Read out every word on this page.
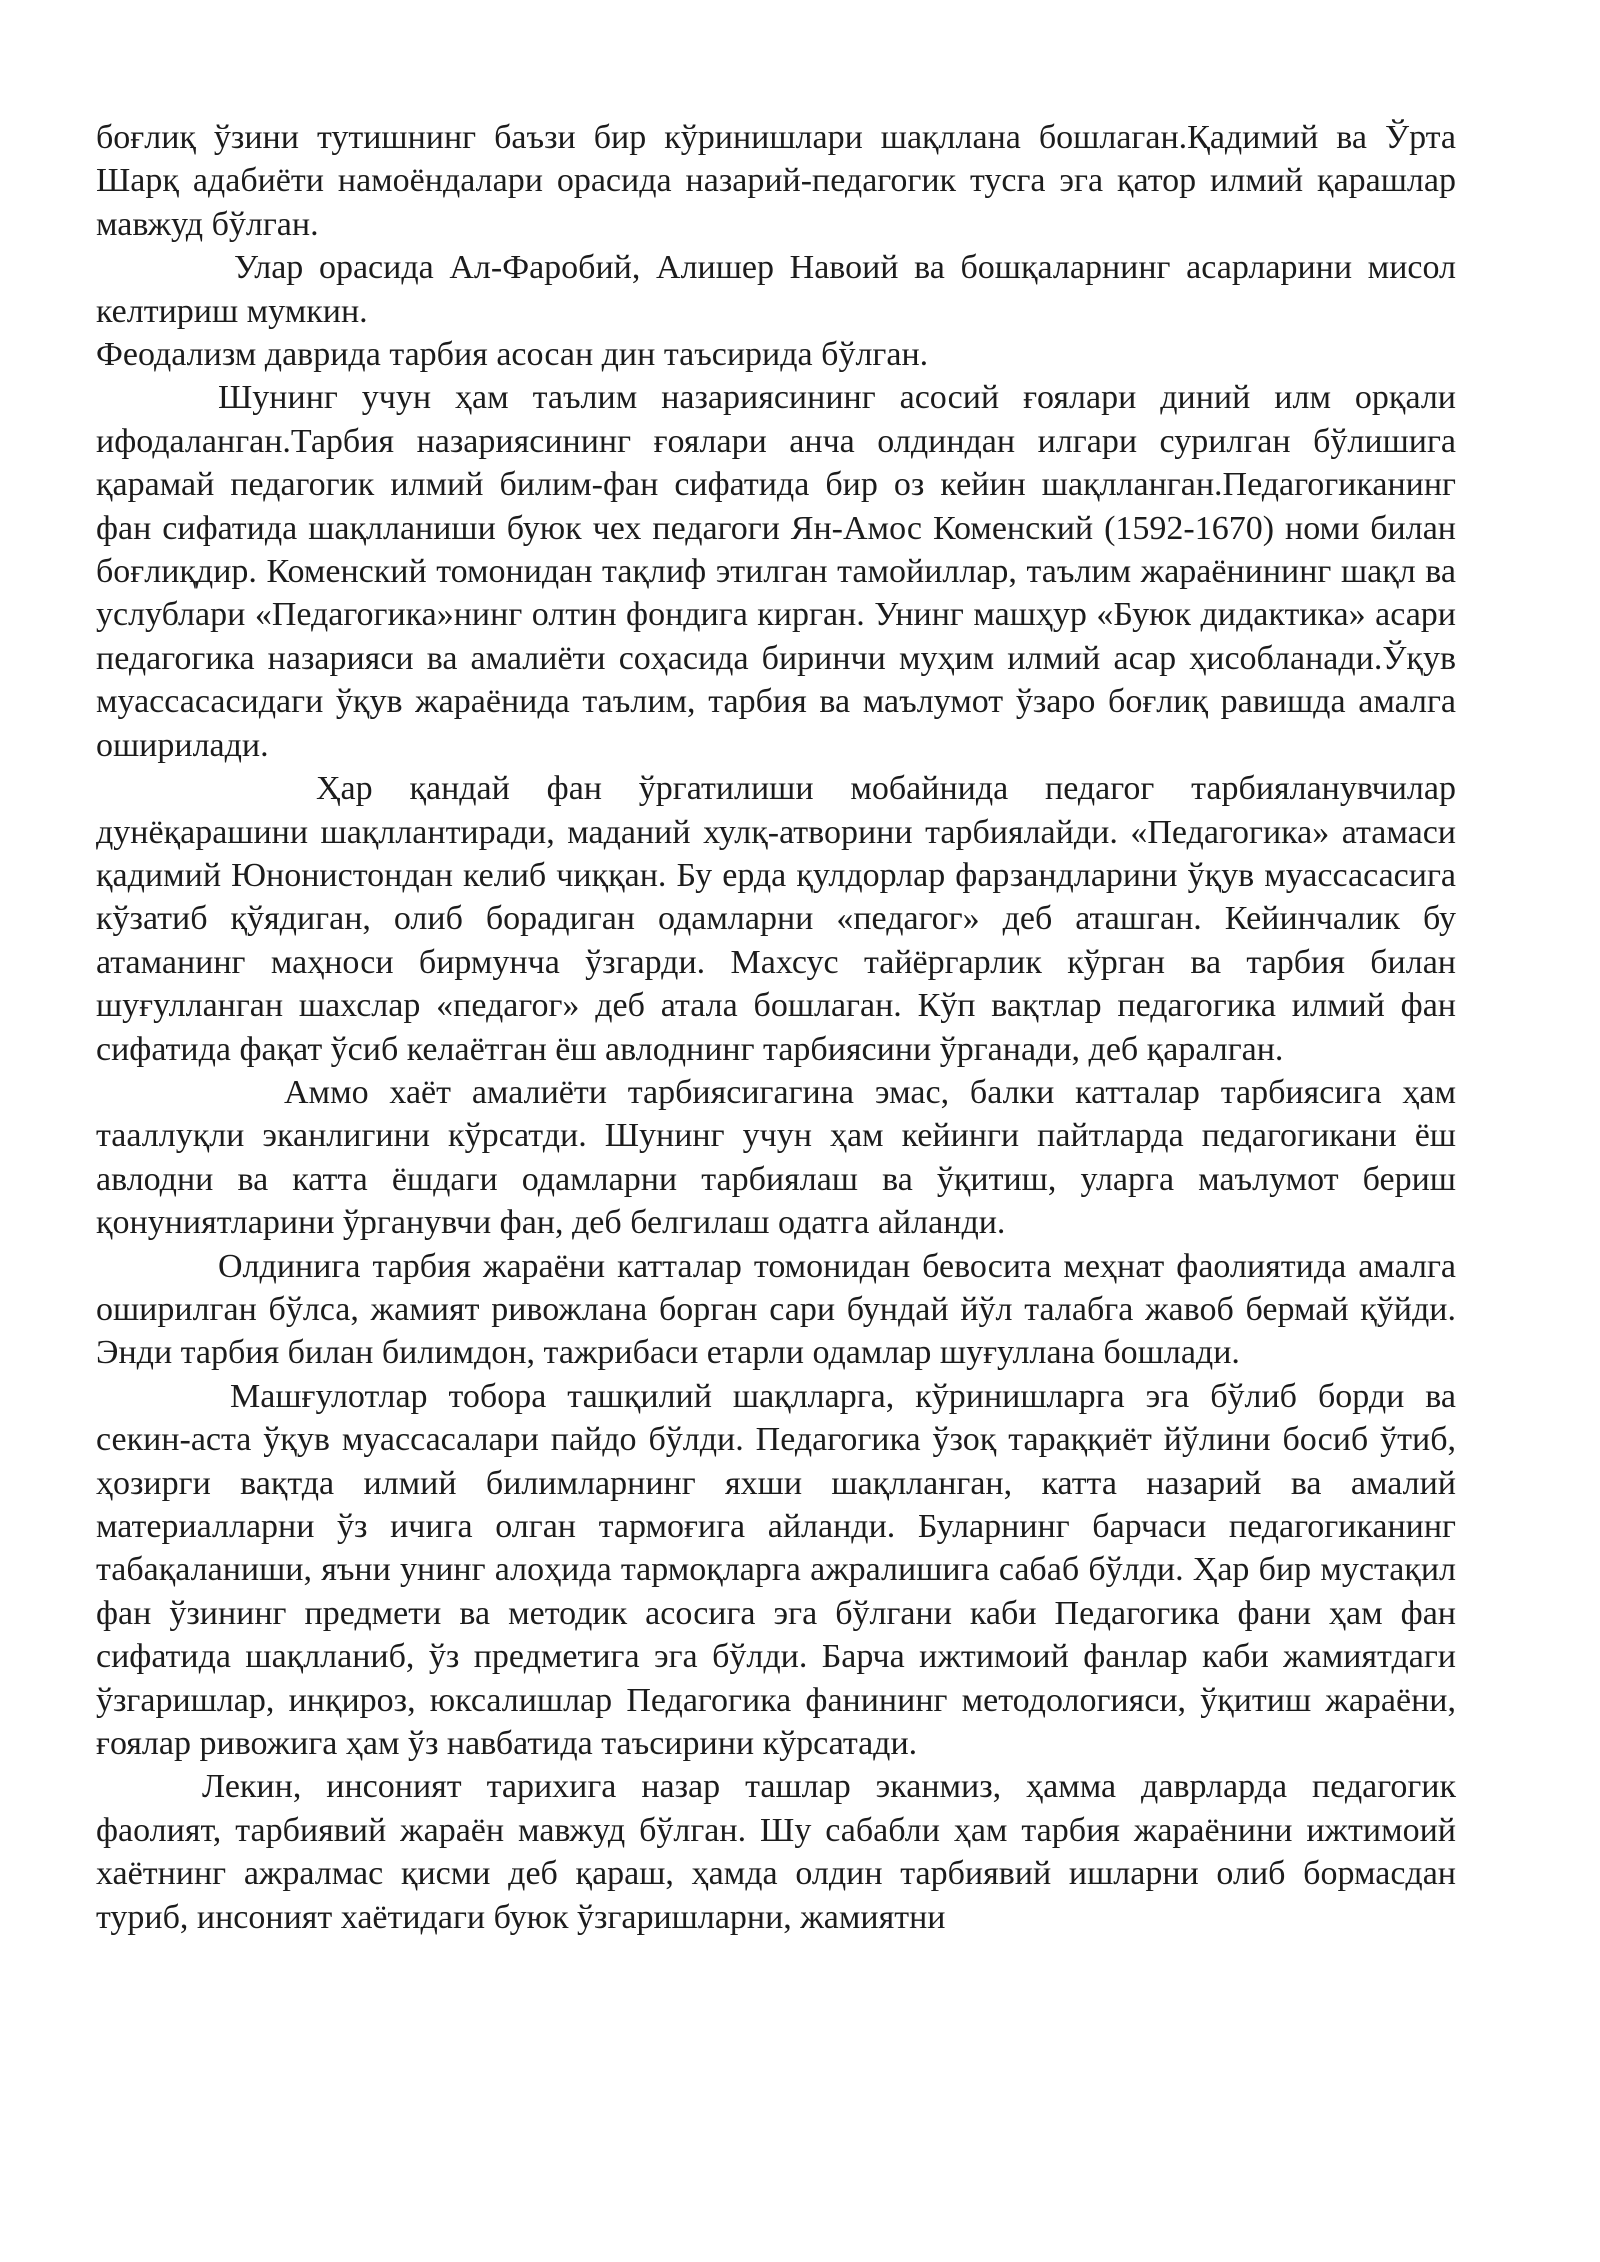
боғлиқ ўзини тутишнинг баъзи бир кўринишлари шақллана бошлаган.Қадимий ва Ўрта Шарқ адабиёти намоёндалари орасида назарий-педагогик тусга эга қатор илмий қарашлар мавжуд бўлган.

Улар орасида Ал-Фаробий, Алишер Навоий ва бошқаларнинг асарларини мисол келтириш мумкин.

Феодализм даврида тарбия асосан дин таъсирида бўлган.

Шунинг учун ҳам таълим назариясининг асосий ғоялари диний илм орқали ифодаланган.Тарбия назариясининг ғоялари анча олдиндан илгари сурилган бўлишига қарамай педагогик илмий билим-фан сифатида бир оз кейин шақлланган.Педагогиканинг фан сифатида шақлланиши буюк чех педагоги Ян-Амос Коменский (1592-1670) номи билан боғлиқдир. Коменский томонидан тақлиф этилган тамойиллар, таълим жараёнининг шақл ва услублари «Педагогика»нинг олтин фондига кирган. Унинг машҳур «Буюк дидактика» асари педагогика назарияси ва амалиёти соҳасида биринчи муҳим илмий асар ҳисобланади.Ўқув муассасасидаги ўқув жараёнида таълим, тарбия ва маълумот ўзаро боғлиқ равишда амалга оширилади.

Ҳар қандай фан ўргатилиши мобайнида педагог тарбияланувчилар дунёқарашини шақллантиради, маданий хулқ-атворини тарбиялайди. «Педагогика» атамаси қадимий Юнонистондан келиб чиққан. Бу ерда қулдорлар фарзандларини ўқув муассасасига кўзатиб қўядиган, олиб борадиган одамларни «педагог» деб аташган. Кейинчалик бу атаманинг маҳноси бирмунча ўзгарди. Махсус тайёргарлик кўрган ва тарбия билан шуғулланган шахслар «педагог» деб атала бошлаган. Кўп вақтлар педагогика илмий фан сифатида фақат ўсиб келаётган ёш авлоднинг тарбиясини ўрганади, деб қаралган.

Аммо хаёт амалиёти тарбиясигагина эмас, балки катталар тарбиясига ҳам тааллуқли эканлигини кўрсатди. Шунинг учун ҳам кейинги пайтларда педагогикани ёш авлодни ва катта ёшдаги одамларни тарбиялаш ва ўқитиш, уларга маълумот бериш қонуниятларини ўрганувчи фан, деб белгилаш одатга айланди.

Олдинига тарбия жараёни катталар томонидан бевосита меҳнат фаолиятида амалга оширилган бўлса, жамият ривожлана борган сари бундай йўл талабга жавоб бермай қўйди. Энди тарбия билан билимдон, тажрибаси етарли одамлар шуғуллана бошлади.

Машғулотлар тобора ташқилий шақлларга, кўринишларга эга бўлиб борди ва секин-аста ўқув муассасалари пайдо бўлди. Педагогика ўзоқ тараққиёт йўлини босиб ўтиб, ҳозирги вақтда илмий билимларнинг яхши шақлланган, катта назарий ва амалий материалларни ўз ичига олган тармоғига айланди. Буларнинг барчаси педагогиканинг табақаланиши, яъни унинг алоҳида тармоқларга ажралишига сабаб бўлди. Ҳар бир мустақил фан ўзининг предмети ва методик асосига эга бўлгани каби Педагогика фани ҳам фан сифатида шақлланиб, ўз предметига эга бўлди. Барча ижтимоий фанлар каби жамиятдаги ўзгаришлар, инқироз, юксалишлар Педагогика фанининг методологияси, ўқитиш жараёни, ғоялар ривожига ҳам ўз навбатида таъсирини кўрсатади.

Лекин, инсоният тарихига назар ташлар эканмиз, ҳамма даврларда педагогик фаолият, тарбиявий жараён мавжуд бўлган. Шу сабабли ҳам тарбия жараёнини ижтимоий хаётнинг ажралмас қисми деб қараш, ҳамда олдин тарбиявий ишларни олиб бормасдан туриб, инсоният хаётидаги буюк ўзгаришларни, жамиятни
